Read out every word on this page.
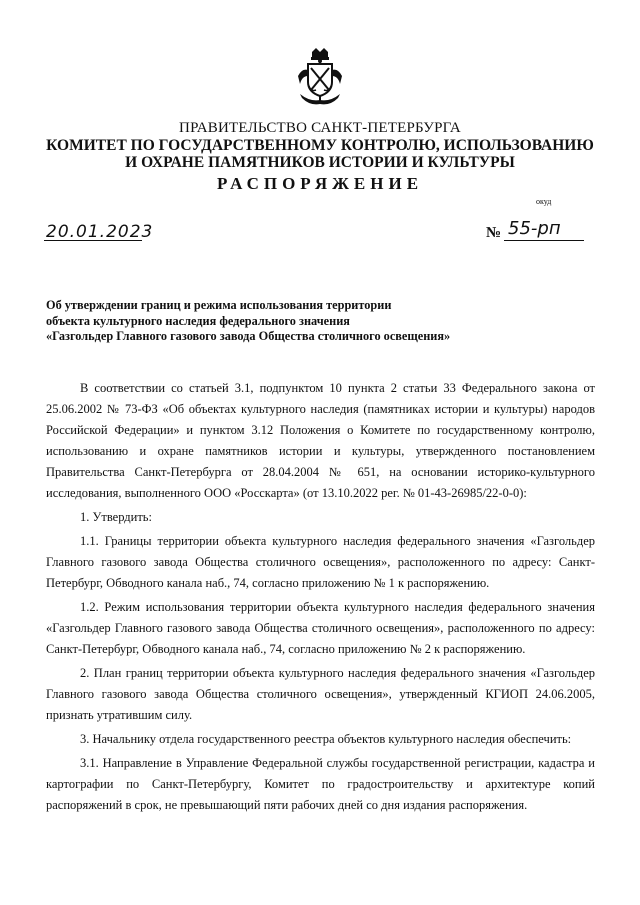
ПРАВИТЕЛЬСТВО САНКТ-ПЕТЕРБУРГА
КОМИТЕТ ПО ГОСУДАРСТВЕННОМУ КОНТРОЛЮ, ИСПОЛЬЗОВАНИЮ
И ОХРАНЕ ПАМЯТНИКОВ ИСТОРИИ И КУЛЬТУРЫ
РАСПОРЯЖЕНИЕ
окуд
20.01.2023	№ 55-рп
Об утверждении границ и режима использования территории
объекта культурного наследия федерального значения
«Газгольдер Главного газового завода Общества столичного освещения»

В соответствии со статьей 3.1, подпунктом 10 пункта 2 статьи 33 Федерального закона от 25.06.2002 № 73-ФЗ «Об объектах культурного наследия (памятниках истории и культуры) народов Российской Федерации» и пунктом 3.12 Положения о Комитете по государственному контролю, использованию и охране памятников истории и культуры, утвержденного постановлением Правительства Санкт-Петербурга от 28.04.2004 № 651, на основании историко-культурного исследования, выполненного ООО «Росскарта» (от 13.10.2022 рег. № 01-43-26985/22-0-0):

1. Утвердить:

1.1. Границы территории объекта культурного наследия федерального значения «Газгольдер Главного газового завода Общества столичного освещения», расположенного по адресу: Санкт-Петербург, Обводного канала наб., 74, согласно приложению № 1 к распоряжению.

1.2. Режим использования территории объекта культурного наследия федерального значения «Газгольдер Главного газового завода Общества столичного освещения», расположенного по адресу: Санкт-Петербург, Обводного канала наб., 74, согласно приложению № 2 к распоряжению.

2. План границ территории объекта культурного наследия федерального значения «Газгольдер Главного газового завода Общества столичного освещения», утвержденный КГИОП 24.06.2005, признать утратившим силу.

3. Начальнику отдела государственного реестра объектов культурного наследия обеспечить:

3.1. Направление в Управление Федеральной службы государственной регистрации, кадастра и картографии по Санкт-Петербургу, Комитет по градостроительству и архитектуре копий распоряжений в срок, не превышающий пяти рабочих дней со дня издания распоряжения.
